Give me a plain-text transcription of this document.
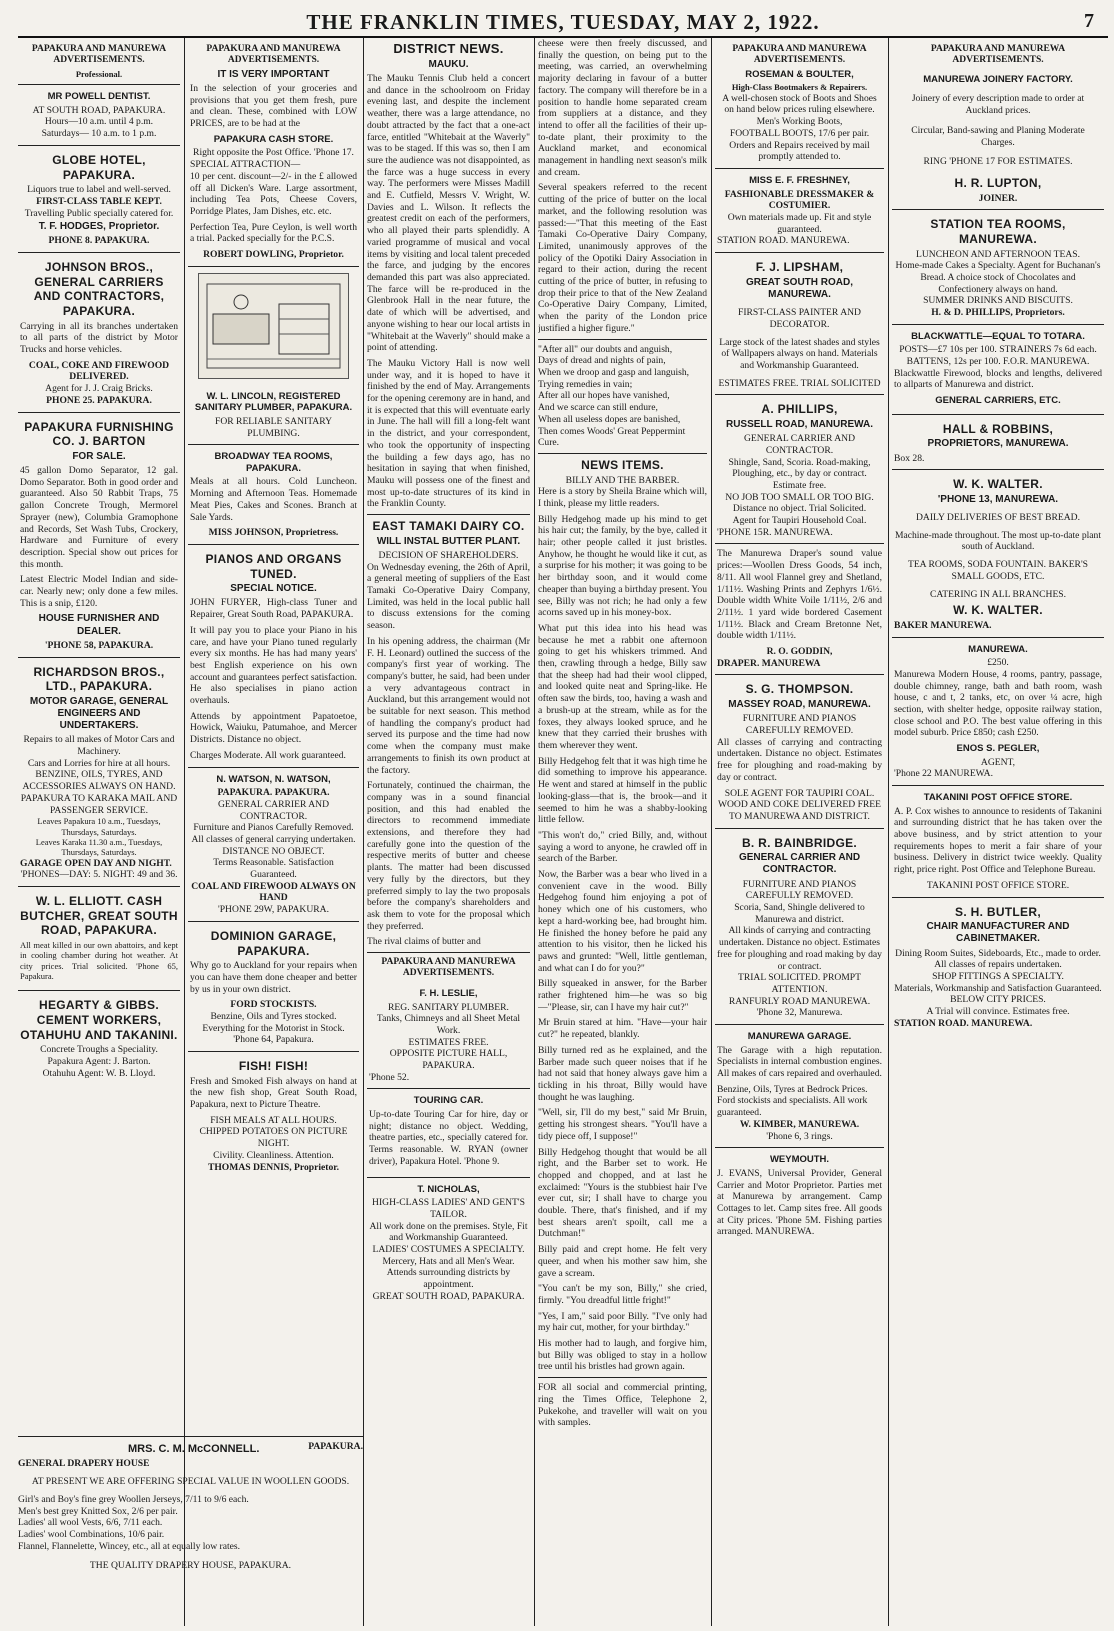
THE FRANKLIN TIMES, TUESDAY, MAY 2, 1922.	7
PAPAKURA AND MANUREWA ADVERTISEMENTS.
Professional.
MR POWELL DENTIST.
AT SOUTH ROAD, PAPAKURA.
Hours—10 a.m. until 4 p.m.
Saturdays— 10 a.m. to 1 p.m.
GLOBE HOTEL, PAPAKURA.
Liquors true to label and well-served.
FIRST-CLASS TABLE KEPT.
Travelling Public specially catered for.
T. F. HODGES, Proprietor.
PHONE 8. PAPAKURA.
JOHNSON BROS., GENERAL CARRIERS AND CONTRACTORS, PAPAKURA.

Carrying in all its branches undertaken to all parts of the district by Motor Trucks and horse vehicles.

COAL, COKE AND FIREWOOD DELIVERED.
Agent for J. J. Craig Bricks.
PHONE 25. PAPAKURA.
PAPAKURA FURNISHING CO. J. BARTON
FOR SALE.

45 gallon Domo Separator, 12 gal. Domo Separator. Both in good order and guaranteed. Also 50 Rabbit Traps, 75 gallon Concrete Trough, Mermorel Sprayer (new), Columbia Gramophone and Records, Set Wash Tubs, Crockery, Hardware and Furniture of every description. Special show out prices for this month.

Latest Electric Model Indian and side-car. Nearly new; only done a few miles. This is a snip, £120.

HOUSE FURNISHER AND DEALER.
'PHONE 58, PAPAKURA.
RICHARDSON BROS., LTD., PAPAKURA.
MOTOR GARAGE, GENERAL ENGINEERS AND UNDERTAKERS.
Repairs to all makes of Motor Cars and Machinery.
Cars and Lorries for hire at all hours.
BENZINE, OILS, TYRES, AND ACCESSORIES ALWAYS ON HAND.
PAPAKURA TO KARAKA MAIL AND PASSENGER SERVICE.
Leaves Papakura 10 a.m., Tuesdays, Thursdays, Saturdays.
Leaves Karaka 11.30 a.m., Tuesdays, Thursdays, Saturdays.
GARAGE OPEN DAY AND NIGHT.
'PHONES—DAY: 5. NIGHT: 49 and 36.
W. L. ELLIOTT. CASH BUTCHER, GREAT SOUTH ROAD, PAPAKURA.

All meat killed in our own abattoirs, and kept in cooling chamber during hot weather. At city prices. Trial solicited. 'Phone 65, Papakura.

HEGARTY & GIBBS. CEMENT WORKERS, OTAHUHU AND TAKANINI.
Concrete Troughs a Speciality.
Papakura Agent: J. Barton.
Otahuhu Agent: W. B. Lloyd.
PAPAKURA AND MANUREWA ADVERTISEMENTS.
IT IS VERY IMPORTANT

In the selection of your groceries and provisions that you get them fresh, pure and clean. These, combined with LOW PRICES, are to be had at the

PAPAKURA CASH STORE.
Right opposite the Post Office. 'Phone 17.
SPECIAL ATTRACTION—

10 per cent. discount—2/- in the £ allowed off all Dicken's Ware. Large assortment, including Tea Pots, Cheese Covers, Porridge Plates, Jam Dishes, etc. etc.

Perfection Tea, Pure Ceylon, is well worth a trial. Packed specially for the P.C.S.

ROBERT DOWLING, Proprietor.
W. L. LINCOLN, REGISTERED SANITARY PLUMBER, PAPAKURA.
FOR RELIABLE SANITARY PLUMBING.
BROADWAY TEA ROOMS, PAPAKURA.

Meals at all hours. Cold Luncheon. Morning and Afternoon Teas. Homemade Meat Pies, Cakes and Scones. Branch at Sale Yards.

MISS JOHNSON, Proprietress.
PIANOS AND ORGANS TUNED.
SPECIAL NOTICE.

JOHN FURYER, High-class Tuner and Repairer, Great South Road, PAPAKURA.

It will pay you to place your Piano in his care, and have your Piano tuned regularly every six months. He has had many years' best English experience on his own account and guarantees perfect satisfaction. He also specialises in piano action overhauls.

Attends by appointment Papatoetoe, Howick, Waiuku, Patumahoe, and Mercer Districts. Distance no object.

Charges Moderate. All work guaranteed.
N. WATSON, N. WATSON,
PAPAKURA. PAPAKURA.
GENERAL CARRIER AND CONTRACTOR.
Furniture and Pianos Carefully Removed.
All classes of general carrying undertaken.
DISTANCE NO OBJECT.
Terms Reasonable. Satisfaction Guaranteed.
COAL AND FIREWOOD ALWAYS ON HAND
'PHONE 29W, PAPAKURA.
DOMINION GARAGE, PAPAKURA.

Why go to Auckland for your repairs when you can have them done cheaper and better by us in your own district.

FORD STOCKISTS.
Benzine, Oils and Tyres stocked.
Everything for the Motorist in Stock. 'Phone 64, Papakura.
FISH! FISH!

Fresh and Smoked Fish always on hand at the new fish shop, Great South Road, Papakura, next to Picture Theatre.

FISH MEALS AT ALL HOURS.
CHIPPED POTATOES ON PICTURE NIGHT.
Civility. Cleanliness. Attention.
THOMAS DENNIS, Proprietor.
MRS. C. M. McCONNELL.	PAPAKURA.
GENERAL DRAPERY HOUSE
AT PRESENT WE ARE OFFERING SPECIAL VALUE IN WOOLLEN GOODS.
Girl's and Boy's fine grey Woollen Jerseys, 7/11 to 9/6 each.
Men's best grey Knitted Sox, 2/6 per pair.
Ladies' all wool Vests, 6/6, 7/11 each.
Ladies' wool Combinations, 10/6 pair.
Flannel, Flannelette, Wincey, etc., all at equally low rates.
THE QUALITY DRAPERY HOUSE, PAPAKURA.
DISTRICT NEWS.
MAUKU.

The Mauku Tennis Club held a concert and dance in the schoolroom on Friday evening last, and despite the inclement weather, there was a large attendance, no doubt attracted by the fact that a one-act farce, entitled "Whitebait at the Waverly" was to be staged. If this was so, then I am sure the audience was not disappointed, as the farce was a huge success in every way. The performers were Misses Madill and E. Cutfield, Messrs V. Wright, W. Davies and L. Wilson. It reflects the greatest credit on each of the performers, who all played their parts splendidly. A varied programme of musical and vocal items by visiting and local talent preceded the farce, and judging by the encores demanded this part was also appreciated. The farce will be re-produced in the Glenbrook Hall in the near future, the date of which will be advertised, and anyone wishing to hear our local artists in "Whitebait at the Waverly" should make a point of attending.

The Mauku Victory Hall is now well under way, and it is hoped to have it finished by the end of May. Arrangements for the opening ceremony are in hand, and it is expected that this will eventuate early in June. The hall will fill a long-felt want in the district, and your correspondent, who took the opportunity of inspecting the building a few days ago, has no hesitation in saying that when finished, Mauku will possess one of the finest and most up-to-date structures of its kind in the Franklin County.

EAST TAMAKI DAIRY CO.
WILL INSTAL BUTTER PLANT.
DECISION OF SHAREHOLDERS.

On Wednesday evening, the 26th of April, a general meeting of suppliers of the East Tamaki Co-Operative Dairy Company, Limited, was held in the local public hall to discuss extensions for the coming season.

In his opening address, the chairman (Mr F. H. Leonard) outlined the success of the company's first year of working. The company's butter, he said, had been under a very advantageous contract in Auckland, but this arrangement would not be suitable for next season. This method of handling the company's product had served its purpose and the time had now come when the company must make arrangements to finish its own product at the factory.

Fortunately, continued the chairman, the company was in a sound financial position, and this had enabled the directors to recommend immediate extensions, and therefore they had carefully gone into the question of the respective merits of butter and cheese plants. The matter had been discussed very fully by the directors, but they preferred simply to lay the two proposals before the company's shareholders and ask them to vote for the proposal which they preferred.

The rival claims of butter and

PAPAKURA AND MANUREWA ADVERTISEMENTS.
F. H. LESLIE,
REG. SANITARY PLUMBER.
Tanks, Chimneys and all Sheet Metal Work.
ESTIMATES FREE.
OPPOSITE PICTURE HALL, PAPAKURA.
'Phone 52.
TOURING CAR.

Up-to-date Touring Car for hire, day or night; distance no object. Wedding, theatre parties, etc., specially catered for. Terms reasonable. W. RYAN (owner driver), Papakura Hotel. 'Phone 9.

T. NICHOLAS,
HIGH-CLASS LADIES' AND GENT'S TAILOR.
All work done on the premises. Style, Fit and Workmanship Guaranteed.
LADIES' COSTUMES A SPECIALTY.
Mercery, Hats and all Men's Wear. Attends surrounding districts by appointment.
GREAT SOUTH ROAD, PAPAKURA.

cheese were then freely discussed, and finally the question, on being put to the meeting, was carried, an overwhelming majority declaring in favour of a butter factory. The company will therefore be in a position to handle home separated cream from suppliers at a distance, and they intend to offer all the facilities of their up-to-date plant, their proximity to the Auckland market, and economical management in handling next season's milk and cream.

Several speakers referred to the recent cutting of the price of butter on the local market, and the following resolution was passed:—"That this meeting of the East Tamaki Co-Operative Dairy Company, Limited, unanimously approves of the policy of the Opotiki Dairy Association in regard to their action, during the recent cutting of the price of butter, in refusing to drop their price to that of the New Zealand Co-Operative Dairy Company, Limited, when the parity of the London price justified a higher figure."

"After all" our doubts and anguish,
Days of dread and nights of pain,
When we droop and gasp and languish,
Trying remedies in vain;
After all our hopes have vanished,
And we scarce can still endure,
When all useless dopes are banished,
Then comes Woods' Great Peppermint Cure.
NEWS ITEMS.
BILLY AND THE BARBER.

Here is a story by Sheila Braine which will, I think, please my little readers.

Billy Hedgehog made up his mind to get his hair cut; the family, by the bye, called it hair; other people called it just bristles. Anyhow, he thought he would like it cut, as a surprise for his mother; it was going to be her birthday soon, and it would come cheaper than buying a birthday present. You see, Billy was not rich; he had only a few acorns saved up in his money-box.

What put this idea into his head was because he met a rabbit one afternoon going to get his whiskers trimmed. And then, crawling through a hedge, Billy saw that the sheep had had their wool clipped, and looked quite neat and Spring-like. He often saw the birds, too, having a wash and a brush-up at the stream, while as for the foxes, they always looked spruce, and he knew that they carried their brushes with them wherever they went.

Billy Hedgehog felt that it was high time he did something to improve his appearance. He went and stared at himself in the public looking-glass—that is, the brook—and it seemed to him he was a shabby-looking little fellow.

"This won't do," cried Billy, and, without saying a word to anyone, he crawled off in search of the Barber.

Now, the Barber was a bear who lived in a convenient cave in the wood. Billy Hedgehog found him enjoying a pot of honey which one of his customers, who kept a hard-working bee, had brought him. He finished the honey before he paid any attention to his visitor, then he licked his paws and grunted: "Well, little gentleman, and what can I do for you?"

Billy squeaked in answer, for the Barber rather frightened him—he was so big—"Please, sir, can I have my hair cut?"

Mr Bruin stared at him. "Have—your hair cut?" he repeated, blankly.

Billy turned red as he explained, and the Barber made such queer noises that if he had not said that honey always gave him a tickling in his throat, Billy would have thought he was laughing.

"Well, sir, I'll do my best," said Mr Bruin, getting his strongest shears. "You'll have a tidy piece off, I suppose!"

Billy Hedgehog thought that would be all right, and the Barber set to work. He chopped and chopped, and at last he exclaimed: "Yours is the stubbiest hair I've ever cut, sir; I shall have to charge you double. There, that's finished, and if my best shears aren't spoilt, call me a Dutchman!"

Billy paid and crept home. He felt very queer, and when his mother saw him, she gave a scream.

"You can't be my son, Billy," she cried, firmly. "You dreadful little fright!"

"Yes, I am," said poor Billy. "I've only had my hair cut, mother, for your birthday."

His mother had to laugh, and forgive him, but Billy was obliged to stay in a hollow tree until his bristles had grown again.

FOR all social and commercial printing, ring the Times Office, Telephone 2, Pukekohe, and traveller will wait on you with samples.

PAPAKURA AND MANUREWA ADVERTISEMENTS.
ROSEMAN & BOULTER,
High-Class Bootmakers & Repairers.
A well-chosen stock of Boots and Shoes on hand below prices ruling elsewhere.
Men's Working Boots,
FOOTBALL BOOTS, 17/6 per pair.
Orders and Repairs received by mail promptly attended to.
MISS E. F. FRESHNEY,
FASHIONABLE DRESSMAKER & COSTUMIER.
Own materials made up. Fit and style guaranteed.
STATION ROAD. MANUREWA.
F. J. LIPSHAM,
GREAT SOUTH ROAD, MANUREWA.
FIRST-CLASS PAINTER AND DECORATOR.
Large stock of the latest shades and styles of Wallpapers always on hand. Materials and Workmanship Guaranteed.
ESTIMATES FREE. TRIAL SOLICITED
A. PHILLIPS,
RUSSELL ROAD, MANUREWA.
GENERAL CARRIER AND CONTRACTOR.
Shingle, Sand, Scoria. Road-making, Ploughing, etc., by day or contract. Estimate free.
NO JOB TOO SMALL OR TOO BIG.
Distance no object. Trial Solicited.
Agent for Taupiri Household Coal.
'PHONE 15R. MANUREWA.

The Manurewa Draper's sound value prices:—Woollen Dress Goods, 54 inch, 8/11. All wool Flannel grey and Shetland, 1/11½. Washing Prints and Zephyrs 1/6½. Double width White Voile 1/11½, 2/6 and 2/11½. 1 yard wide bordered Casement 1/11½. Black and Cream Bretonne Net, double width 1/11½.

R. O. GODDIN,
DRAPER. MANUREWA
S. G. THOMPSON.
MASSEY ROAD, MANUREWA.
FURNITURE AND PIANOS CAREFULLY REMOVED.

All classes of carrying and contracting undertaken. Distance no object. Estimates free for ploughing and road-making by day or contract.

SOLE AGENT FOR TAUPIRI COAL.
WOOD AND COKE DELIVERED FREE TO MANUREWA AND DISTRICT.
B. R. BAINBRIDGE.
GENERAL CARRIER AND CONTRACTOR.
FURNITURE AND PIANOS CAREFULLY REMOVED.
Scoria, Sand, Shingle delivered to Manurewa and district.
All kinds of carrying and contracting undertaken. Distance no object. Estimates free for ploughing and road making by day or contract.
TRIAL SOLICITED. PROMPT ATTENTION.
RANFURLY ROAD MANUREWA. 'Phone 32, Manurewa.
MANUREWA GARAGE.

The Garage with a high reputation. Specialists in internal combustion engines. All makes of cars repaired and overhauled.

Benzine, Oils, Tyres at Bedrock Prices. Ford stockists and specialists. All work guaranteed.
W. KIMBER, MANUREWA.
'Phone 6, 3 rings.
WEYMOUTH.

J. EVANS, Universal Provider, General Carrier and Motor Proprietor. Parties met at Manurewa by arrangement. Camp Cottages to let. Camp sites free. All goods at City prices. 'Phone 5M. Fishing parties arranged. MANUREWA.

PAPAKURA AND MANUREWA ADVERTISEMENTS.
MANUREWA JOINERY FACTORY.
Joinery of every description made to order at Auckland prices.
Circular, Band-sawing and Planing Moderate Charges.
RING 'PHONE 17 FOR ESTIMATES.
H. R. LUPTON,
JOINER.
STATION TEA ROOMS, MANUREWA.
LUNCHEON AND AFTERNOON TEAS.
Home-made Cakes a Specialty. Agent for Buchanan's Bread. A choice stock of Chocolates and Confectionery always on hand.
SUMMER DRINKS AND BISCUITS.
H. & D. PHILLIPS, Proprietors.
BLACKWATTLE—EQUAL TO TOTARA.
POSTS—£7 10s per 100. STRAINERS 7s 6d each. BATTENS, 12s per 100. F.O.R. MANUREWA.

Blackwattle Firewood, blocks and lengths, delivered to allparts of Manurewa and district.

GENERAL CARRIERS, ETC.
HALL & ROBBINS,
PROPRIETORS, MANUREWA.
Box 28.
W. K. WALTER.
'PHONE 13, MANUREWA.
DAILY DELIVERIES OF BEST BREAD.
Machine-made throughout. The most up-to-date plant south of Auckland.
TEA ROOMS, SODA FOUNTAIN. BAKER'S SMALL GOODS, ETC.
CATERING IN ALL BRANCHES.
W. K. WALTER.
BAKER MANUREWA.
MANUREWA.
£250.

Manurewa Modern House, 4 rooms, pantry, passage, double chimney, range, bath and bath room, wash house, c and t, 2 tanks, etc, on over ¼ acre, high section, with shelter hedge, opposite railway station, close school and P.O. The best value offering in this model suburb. Price £850; cash £250.

ENOS S. PEGLER,
AGENT,
'Phone 22 MANUREWA.
TAKANINI POST OFFICE STORE.

A. P. Cox wishes to announce to residents of Takanini and surrounding district that he has taken over the above business, and by strict attention to your requirements hopes to merit a fair share of your business. Delivery in district twice weekly. Quality right, price right. Post Office and Telephone Bureau.

TAKANINI POST OFFICE STORE.
S. H. BUTLER,
CHAIR MANUFACTURER AND CABINETMAKER.
Dining Room Suites, Sideboards, Etc., made to order.
All classes of repairs undertaken.
SHOP FITTINGS A SPECIALTY.
Materials, Workmanship and Satisfaction Guaranteed.
BELOW CITY PRICES.
A Trial will convince. Estimates free.
STATION ROAD. MANUREWA.
